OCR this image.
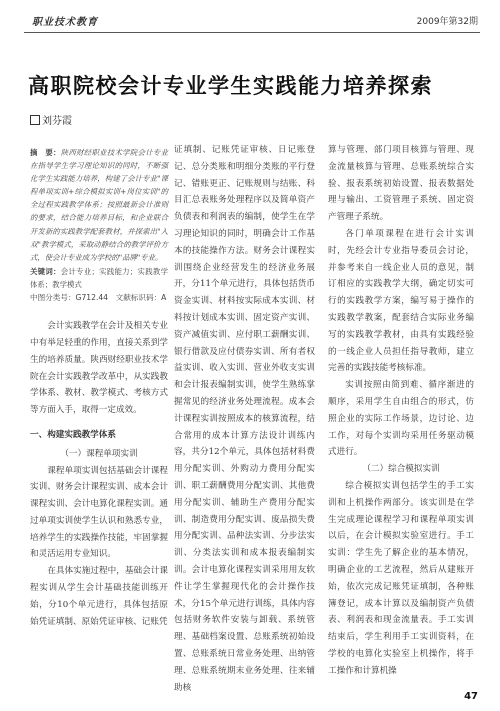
职业技术教育	2009年第32期
高职院校会计专业学生实践能力培养探索
刘芬霞
摘　要：陕西财经职业技术学院会计专业在指导学生学习理论知识的同时，不断强化学生实践能力培养，构建了会计专业"课程单项实训+综合模拟实训+岗位实训"的全过程实践教学体系；按照最新会计准则的要求，结合能力培养目标，和企业联合开发新的实践教学配套教材，并探索出"入双"教学模式，采取动静结合的教学评价方式，使会计专业成为学校的"品牌"专业。
关键词：会计专业；实践能力；实践教学体系；教学模式
中图分类号：G712.44　文献标识码：A

会计实践教学在会计及相关专业中有举足轻重的作用，直接关系到学生的培养质量。陕西财经职业技术学院在会计实践教学改革中，从实践教学体系、教材、教学模式、考核方式等方面入手，取得一定成效。

一、构建实践教学体系

（一）课程单项实训

课程单项实训包括基础会计课程实训、财务会计课程实训、成本会计课程实训、会计电算化课程实训。通过单项实训使学生认识和熟悉专业，培养学生的实践操作技能，牢固掌握和灵活运用专业知识。

在具体实施过程中，基础会计课程实训从学生会计基础技能训练开始，分10个单元进行，具体包括原始凭证填制、原始凭证审核、记账凭

证填制、记账凭证审核、日记账登记、总分类账和明细分类账的平行登记、错账更正、记账规则与结账、科目汇总表账务处理程序以及简单资产负债表和利润表的编制，使学生在学习理论知识的同时，明确会计工作基本的技能操作方法。财务会计课程实训围绕企业经营发生的经济业务展开，分11个单元进行，具体包括货币资金实训、材料按实际成本实训、材料按计划成本实训、固定资产实训、资产减值实训、应付职工薪酬实训、银行借款及应付债券实训、所有者权益实训、收入实训、营业外收支实训和会计报表编制实训，使学生熟练掌握常见的经济业务处理流程。成本会计课程实训按照成本的核算流程，结合常用的成本计算方法设计训练内容，共分12个单元，具体包括材料费用分配实训、外购动力费用分配实训、职工薪酬费用分配实训、其他费用分配实训、辅助生产费用分配实训、制造费用分配实训、废品损失费用分配实训、品种法实训、分步法实训、分类法实训和成本报表编制实训。会计电算化课程实训采用用友软件让学生掌握现代化的会计操作技术，分15个单元进行训练，具体内容包括财务软件安装与卸载、系统管理、基础档案设置、总账系统初始设置、总账系统日常业务处理、出纳管理、总账系统期末业务处理、往来辅助核

算与管理、部门项目核算与管理、现金流量核算与管理、总账系统综合实验、报表系统初始设置、报表数据处理与输出、工资管理子系统、固定资产管理子系统。

各门单项课程在进行会计实训时，先经会计专业指导委员会讨论，并参考来自一线企业人员的意见，制订相应的实践教学大纲，确定切实可行的实践教学方案，编写易于操作的实践教学教案，配套结合实际业务编写的实践教学教材，由具有实践经验的一线企业人员担任指导教师，建立完善的实践技能考核标准。

实训按照由简到难、循序渐进的顺序，采用学生自由组合的形式，仿照企业的实际工作场景，边讨论、边工作，对每个实训均采用任务驱动模式进行。

（二）综合模拟实训

综合模拟实训包括学生的手工实训和上机操作两部分。该实训是在学生完成理论课程学习和课程单项实训以后，在会计模拟实验室进行。手工实训：学生先了解企业的基本情况，明确企业的工艺流程，然后从建账开始，依次完成记账凭证填制，各种账簿登记，成本计算以及编制资产负债表、利润表和现金流量表。手工实训结束后，学生利用手工实训资料，在学校的电算化实验室上机操作，将手工操作和计算机操

47
